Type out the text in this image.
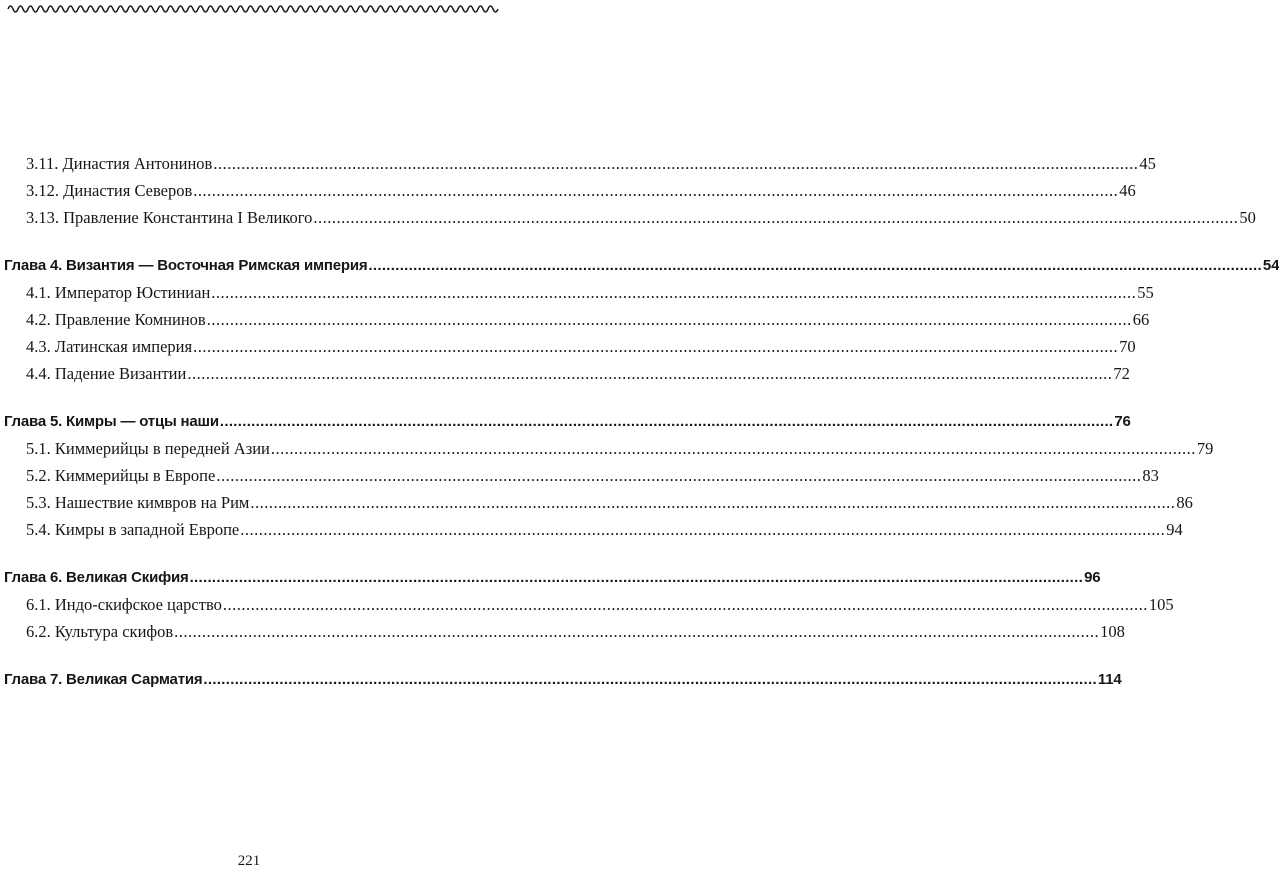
3.11. Династия Антонинов ........................................................................................................................................................................................................ 45
3.12. Династия Северов ........................................................................................................................................................................................................ 46
3.13. Правление Константина I Великого ........................................................................................................................................................................................................ 50
Глава 4. Византия — Восточная Римская империя ........................................................................................................................................................................................................ 54
4.1. Император Юстиниан ........................................................................................................................................................................................................ 55
4.2. Правление Комнинов ........................................................................................................................................................................................................ 66
4.3. Латинская империя ........................................................................................................................................................................................................ 70
4.4. Падение Византии ........................................................................................................................................................................................................ 72
Глава 5. Кимры — отцы наши ........................................................................................................................................................................................................ 76
5.1. Киммерийцы в передней Азии ........................................................................................................................................................................................................ 79
5.2. Киммерийцы в Европе ........................................................................................................................................................................................................ 83
5.3. Нашествие кимвров на Рим ........................................................................................................................................................................................................ 86
5.4. Кимры в западной Европе ........................................................................................................................................................................................................ 94
Глава 6. Великая Скифия ........................................................................................................................................................................................................ 96
6.1. Индо-скифское царство ........................................................................................................................................................................................................ 105
6.2. Культура скифов ........................................................................................................................................................................................................ 108
Глава 7. Великая Сарматия ........................................................................................................................................................................................................ 114
221
